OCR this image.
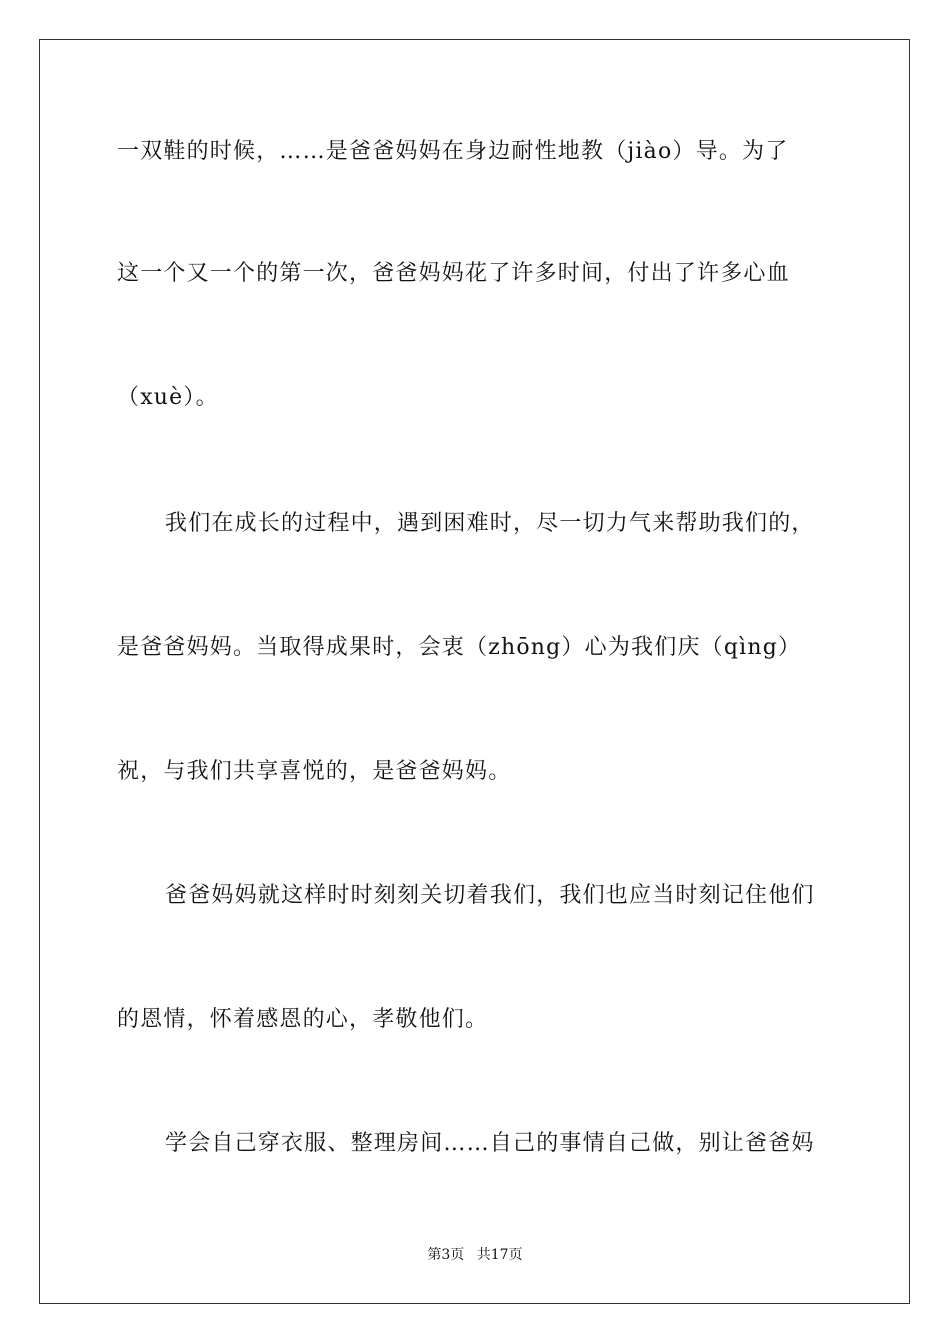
一双鞋的时候，……是爸爸妈妈在身边耐性地教（jiào）导。为了
这一个又一个的第一次，爸爸妈妈花了许多时间，付出了许多心血
（xuè）。
我们在成长的过程中，遇到困难时，尽一切力气来帮助我们的，
是爸爸妈妈。当取得成果时，会衷（zhōng）心为我们庆（qìng）
祝，与我们共享喜悦的，是爸爸妈妈。
爸爸妈妈就这样时时刻刻关切着我们，我们也应当时刻记住他们
的恩情，怀着感恩的心，孝敬他们。
学会自己穿衣服、整理房间……自己的事情自己做，别让爸爸妈
第3页 共17页
